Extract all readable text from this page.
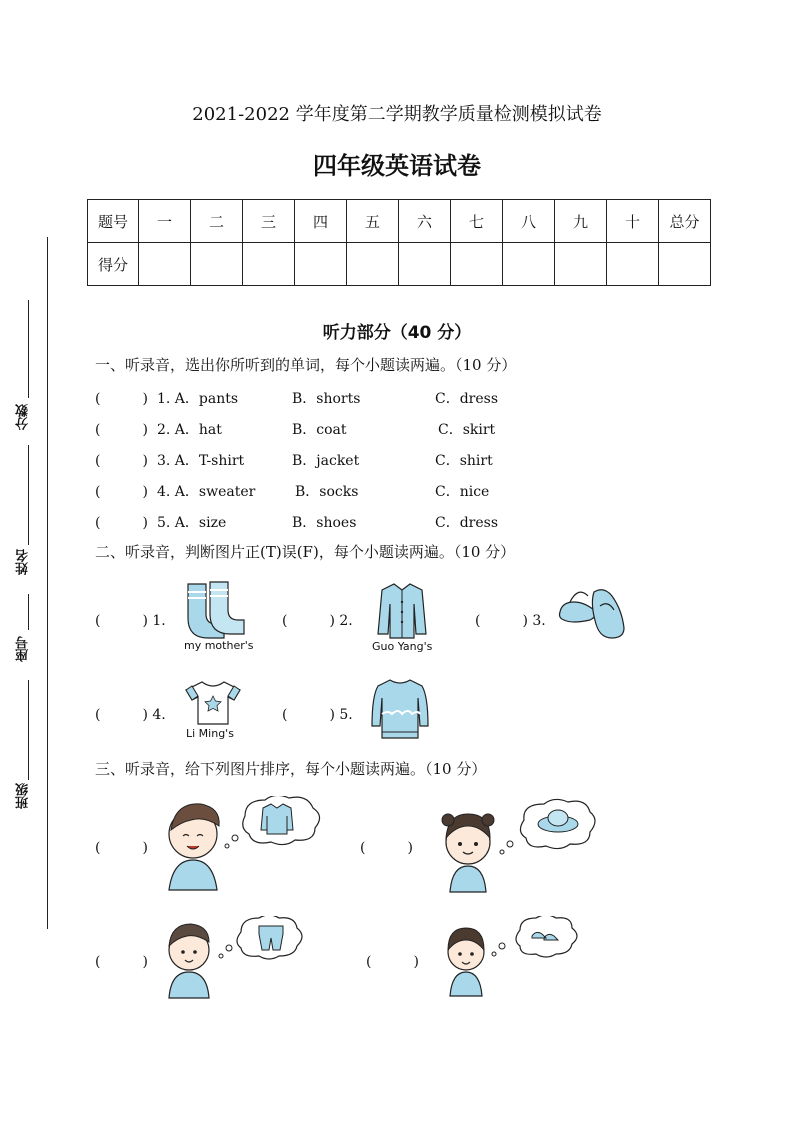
2021-2022 学年度第二学期教学质量检测模拟试卷
四年级英语试卷
题号	一	二	三	四	五	六	七	八	九	十	总分
得分											
分数
姓名
座号
班级
听力部分（40 分）
一、听录音，选出你所听到的单词，每个小题读两遍。（10 分）
(　　　) 1. A．pants	B．shorts	C．dress
(　　　) 2. A．hat	B．coat	C．skirt
(　　　) 3. A．T-shirt	B．jacket	C．shirt
(　　　) 4. A．sweater	B．socks	C．nice
(　　　) 5. A．size	B．shoes	C．dress
二、听录音，判断图片正(T)误(F)，每个小题读两遍。（10 分）
(　　　) 1.
my mother's
(　　　) 2.
Guo Yang's
(　　　) 3.
(　　　) 4.
Li Ming's
(　　　) 5.
三、听录音，给下列图片排序，每个小题读两遍。（10 分）
(　　　)	(　　　)
(　　　)	(　　　)
